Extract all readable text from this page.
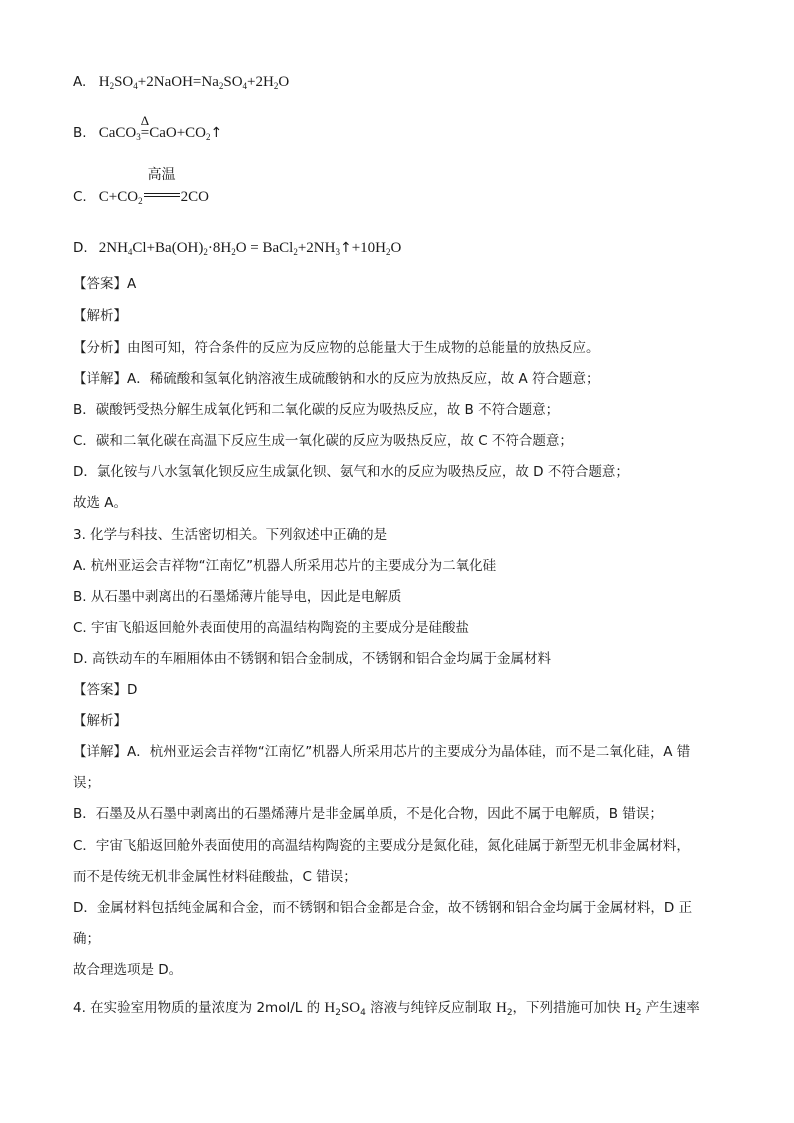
A. $H_2SO_4+2NaOH=Na_2SO_4+2H_2O$
B. CaCO$_3$
Δ
$=CaO+CO_2↑$
C. $C+CO_2$
高温
2CO
D. $2NH_4Cl+Ba(OH)_2\cdot 8H_2O$ = $BaCl_2+2NH_3↑+10H_2O$
【答案】A
【解析】
【分析】由图可知，符合条件的反应为反应物的总能量大于生成物的总能量的放热反应。
【详解】A．稀硫酸和氢氧化钠溶液生成硫酸钠和水的反应为放热反应，故 A 符合题意；
B．碳酸钙受热分解生成氧化钙和二氧化碳的反应为吸热反应，故 B 不符合题意；
C．碳和二氧化碳在高温下反应生成一氧化碳的反应为吸热反应，故 C 不符合题意；
D．氯化铵与八水氢氧化钡反应生成氯化钡、氨气和水的反应为吸热反应，故 D 不符合题意；
故选 A。
3. 化学与科技、生活密切相关。下列叙述中正确的是
A. 杭州亚运会吉祥物“江南忆”机器人所采用芯片的主要成分为二氧化硅
B. 从石墨中剥离出的石墨烯薄片能导电，因此是电解质
C. 宇宙飞船返回舱外表面使用的高温结构陶瓷的主要成分是硅酸盐
D. 高铁动车的车厢厢体由不锈钢和铝合金制成，不锈钢和铝合金均属于金属材料
【答案】D
【解析】
【详解】A．杭州亚运会吉祥物“江南忆”机器人所采用芯片的主要成分为晶体硅，而不是二氧化硅，A 错
误；
B．石墨及从石墨中剥离出的石墨烯薄片是非金属单质，不是化合物，因此不属于电解质，B 错误；
C．宇宙飞船返回舱外表面使用的高温结构陶瓷的主要成分是氮化硅，氮化硅属于新型无机非金属材料，
而不是传统无机非金属性材料硅酸盐，C 错误；
D．金属材料包括纯金属和合金，而不锈钢和铝合金都是合金，故不锈钢和铝合金均属于金属材料，D 正
确；
故合理选项是 D。
4. 在实验室用物质的量浓度为 2mol/L 的 $H_2SO_4$ 溶液与纯锌反应制取 $H_2$，下列措施可加快 $H_2$ 产生速率
